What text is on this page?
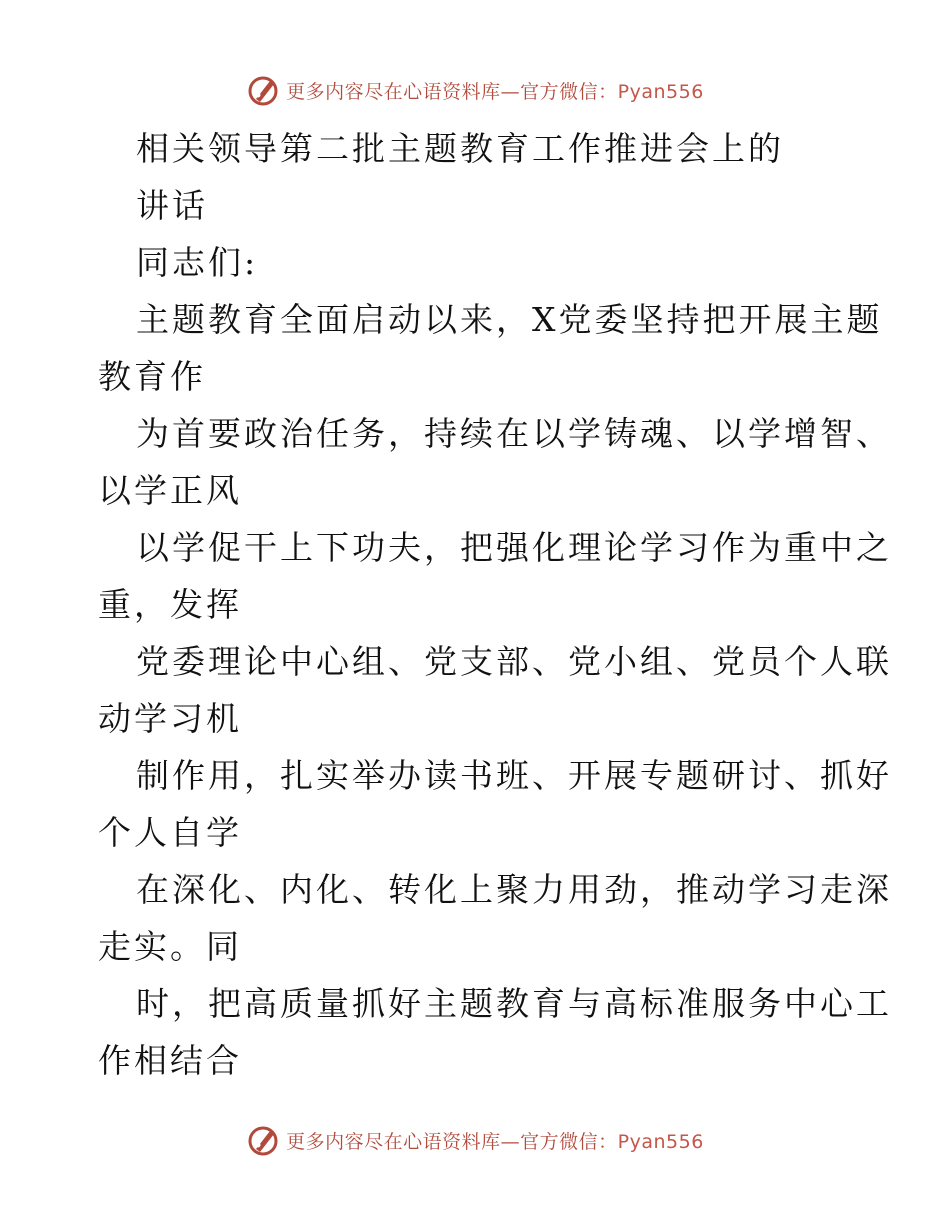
更多内容尽在心语资料库—官方微信：Pyan556
相关领导第二批主题教育工作推进会上的
讲话
同志们:
主题教育全面启动以来，X党委坚持把开展主题
教育作
为首要政治任务，持续在以学铸魂、以学增智、
以学正风
以学促干上下功夫，把强化理论学习作为重中之
重，发挥
党委理论中心组、党支部、党小组、党员个人联
动学习机
制作用，扎实举办读书班、开展专题研讨、抓好
个人自学
在深化、内化、转化上聚力用劲，推动学习走深
走实。同
时，把高质量抓好主题教育与高标准服务中心工
作相结合
更多内容尽在心语资料库—官方微信：Pyan556
